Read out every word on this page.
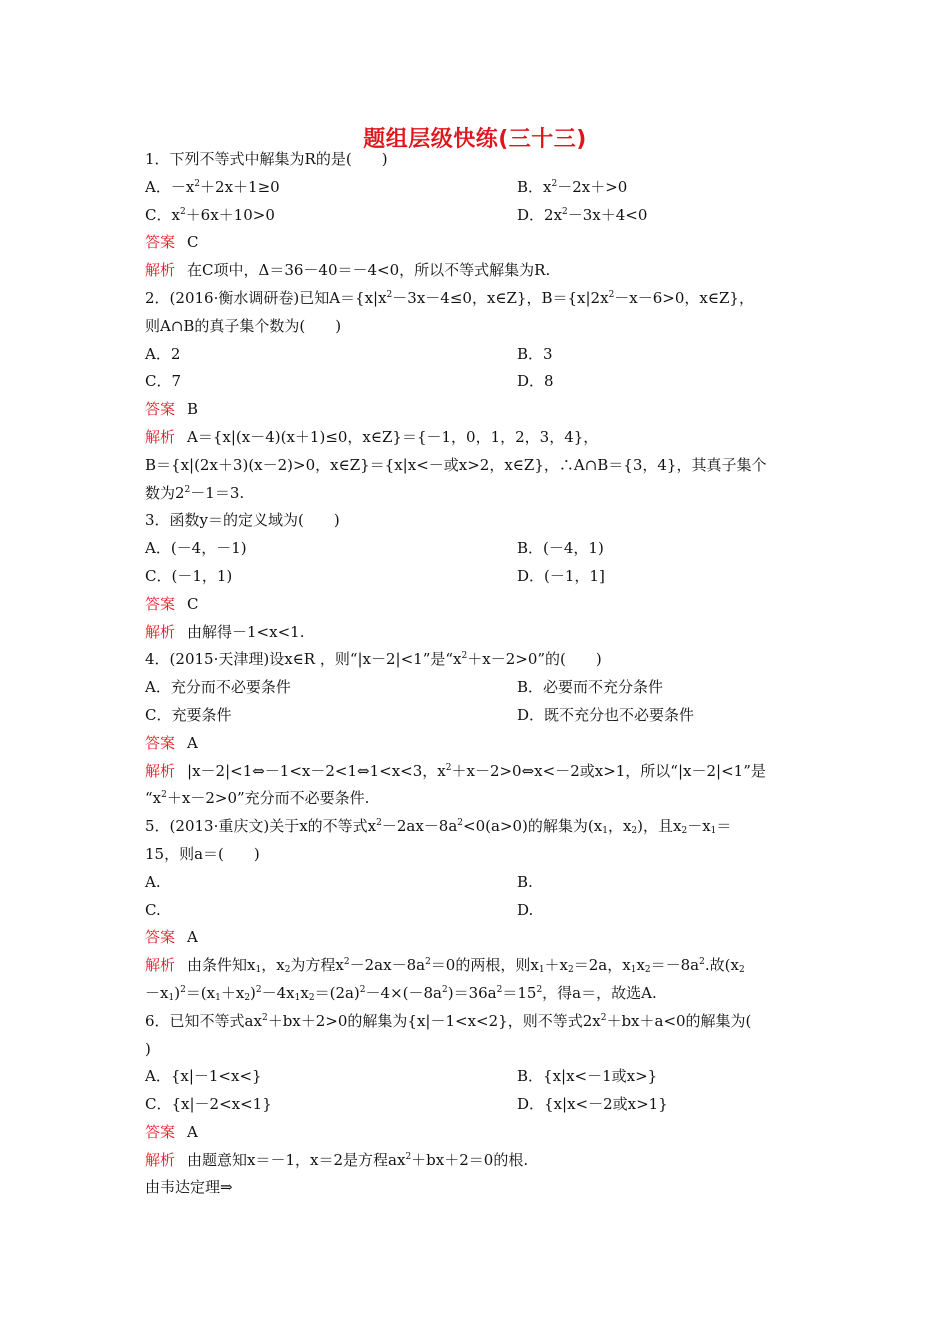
题组层级快练(三十三)
1．下列不等式中解集为R的是(　　)
A．$-x^2+2x+1\ge 0$	B．$x^2-2x+>0$
C．$x^2+6x+10>0$	D．$2x^2-3x+4<0$
答案 C
解析 在C项中，Δ＝36－40＝－4<0，所以不等式解集为R.
2．(2016·衡水调研卷)已知$A=\{x|x^2-3x-4\le 0$，x∈Z}，$B=\{x|2x^2-x-6>0$，x∈Z}，
则A∩B的真子集个数为(　　)
A．2	B．3
C．7	D．8
答案 B
解析 A＝{x|(x－4)(x＋1)≤0，x∈Z}＝{－1，0，1，2，3，4}，
B＝{x|(2x＋3)(x－2)>0，x∈Z}＝{x|x<－或x>2，x∈Z}，∴A∩B＝{3，4}，其真子集个
数为$2^2-1=3$.
3．函数y＝的定义域为(　　)
A．(－4，－1)	B．(－4，1)
C．(－1，1)	D．(－1，1]
答案 C
解析 由解得－1<x<1.
4．(2015·天津理)设x∈R ，则“|x－2|<1”是“$x^2+x-2>0$”的(　　)
A．充分而不必要条件	B．必要而不充分条件
C．充要条件	D．既不充分也不必要条件
答案 A
解析 |x－2|<1⇔－1<x－2<1⇔1<x<3，$x^2+x-2>0\Leftrightarrow x<-2$或x>1，所以“|x－2|<1”是
“$x^2+x-2>0$”充分而不必要条件.
5．(2013·重庆文)关于x的不等式$x^2-2ax-8a^2<0(a>0)$的解集为($x_1$，$x_2$)，且$x_2-x_1=$
15，则a＝(　　)
A.	B.
C.	D.
答案 A
解析 由条件知$x_1$，$x_2$为方程$x^2-2ax-8a^2=0$的两根，则$x_1+x_2=2a$，$x_1x_2=-8a^2$.故($x_2$
$-x_1)^2=(x_1+x_2)^2-4x_1x_2=(2a)^2-4\times(-8a^2)=36a^2=15^2$，得a＝，故选A.
6．已知不等式$ax^2+bx+2>0$的解集为{x|－1<x<2}，则不等式$2x^2+bx+a<0$的解集为(
)
A．{x|－1<x<}	B．{x|x<－1或x>}
C．{x|－2<x<1}	D．{x|x<－2或x>1}
答案 A
解析 由题意知x＝－1，x＝2是方程$ax^2+bx+2=0$的根.
由韦达定理⇒
